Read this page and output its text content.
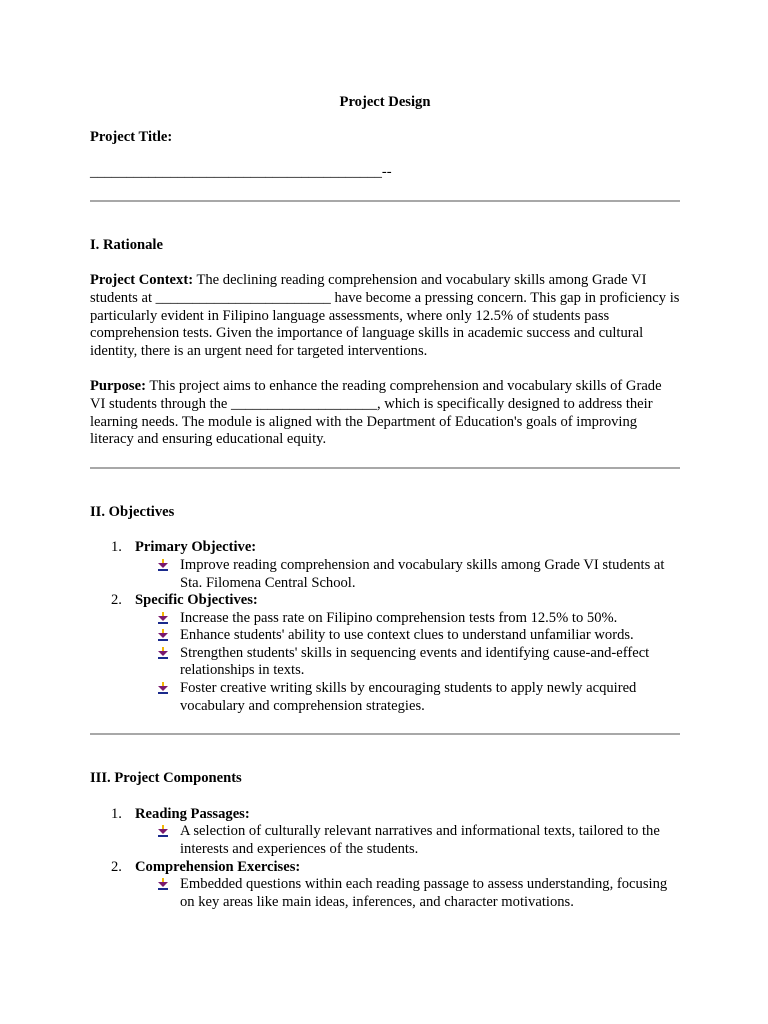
Project Design

Project Title:

________________________________________--

I. Rationale

Project Context: The declining reading comprehension and vocabulary skills among Grade VI students at ________________________ have become a pressing concern. This gap in proficiency is particularly evident in Filipino language assessments, where only 12.5% of students pass comprehension tests. Given the importance of language skills in academic success and cultural identity, there is an urgent need for targeted interventions.

Purpose: This project aims to enhance the reading comprehension and vocabulary skills of Grade VI students through the ____________________, which is specifically designed to address their learning needs. The module is aligned with the Department of Education's goals of improving literacy and ensuring educational equity.

II. Objectives

1. Primary Objective:
Improve reading comprehension and vocabulary skills among Grade VI students at Sta. Filomena Central School.
2. Specific Objectives:
Increase the pass rate on Filipino comprehension tests from 12.5% to 50%.
Enhance students' ability to use context clues to understand unfamiliar words.
Strengthen students' skills in sequencing events and identifying cause-and-effect relationships in texts.
Foster creative writing skills by encouraging students to apply newly acquired vocabulary and comprehension strategies.

III. Project Components

1. Reading Passages:
A selection of culturally relevant narratives and informational texts, tailored to the interests and experiences of the students.
2. Comprehension Exercises:
Embedded questions within each reading passage to assess understanding, focusing on key areas like main ideas, inferences, and character motivations.
